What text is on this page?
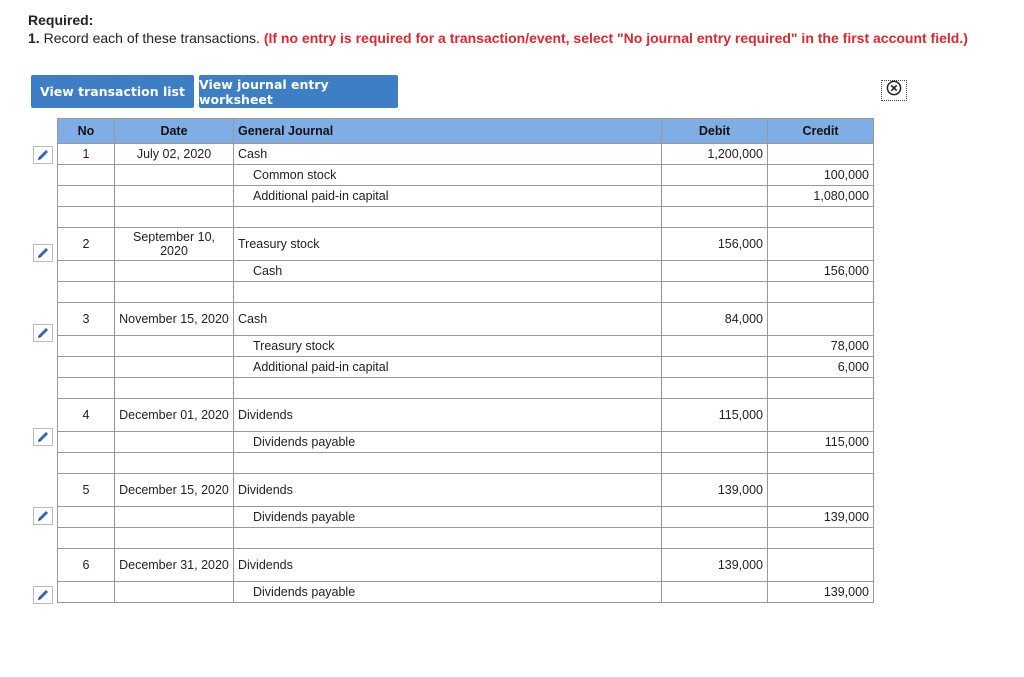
Required:
1. Record each of these transactions. (If no entry is required for a transaction/event, select "No journal entry required" in the first account field.)
View transaction list	View journal entry worksheet
No	Date	General Journal	Debit	Credit
1	July 02, 2020	Cash	1,200,000	
		Common stock		100,000
		Additional paid-in capital		1,080,000

2	September 10, 2020	Treasury stock	156,000	
		Cash		156,000

3	November 15, 2020	Cash	84,000	
		Treasury stock		78,000
		Additional paid-in capital		6,000

4	December 01, 2020	Dividends	115,000	
		Dividends payable		115,000

5	December 15, 2020	Dividends	139,000	
		Dividends payable		139,000

6	December 31, 2020	Dividends	139,000	
		Dividends payable		139,000
